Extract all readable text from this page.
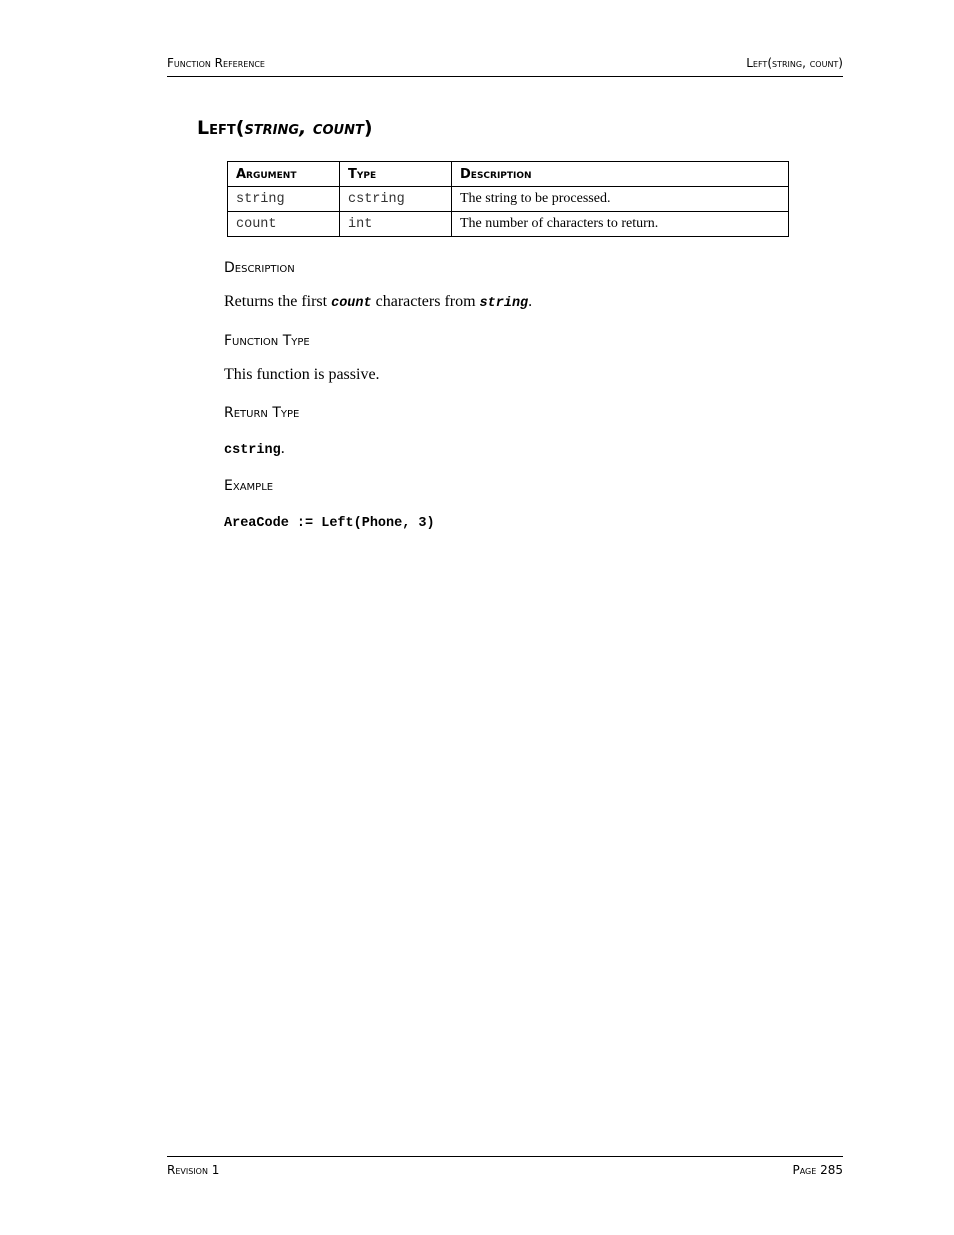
Function Reference	Left(string, count)
Left(string, count)
Argument	Type	Description
string	cstring	The string to be processed.
count	int	The number of characters to return.
Description
Returns the first count characters from string.
Function Type
This function is passive.
Return Type
cstring.
Example
AreaCode := Left(Phone, 3)
Revision 1	Page 285
